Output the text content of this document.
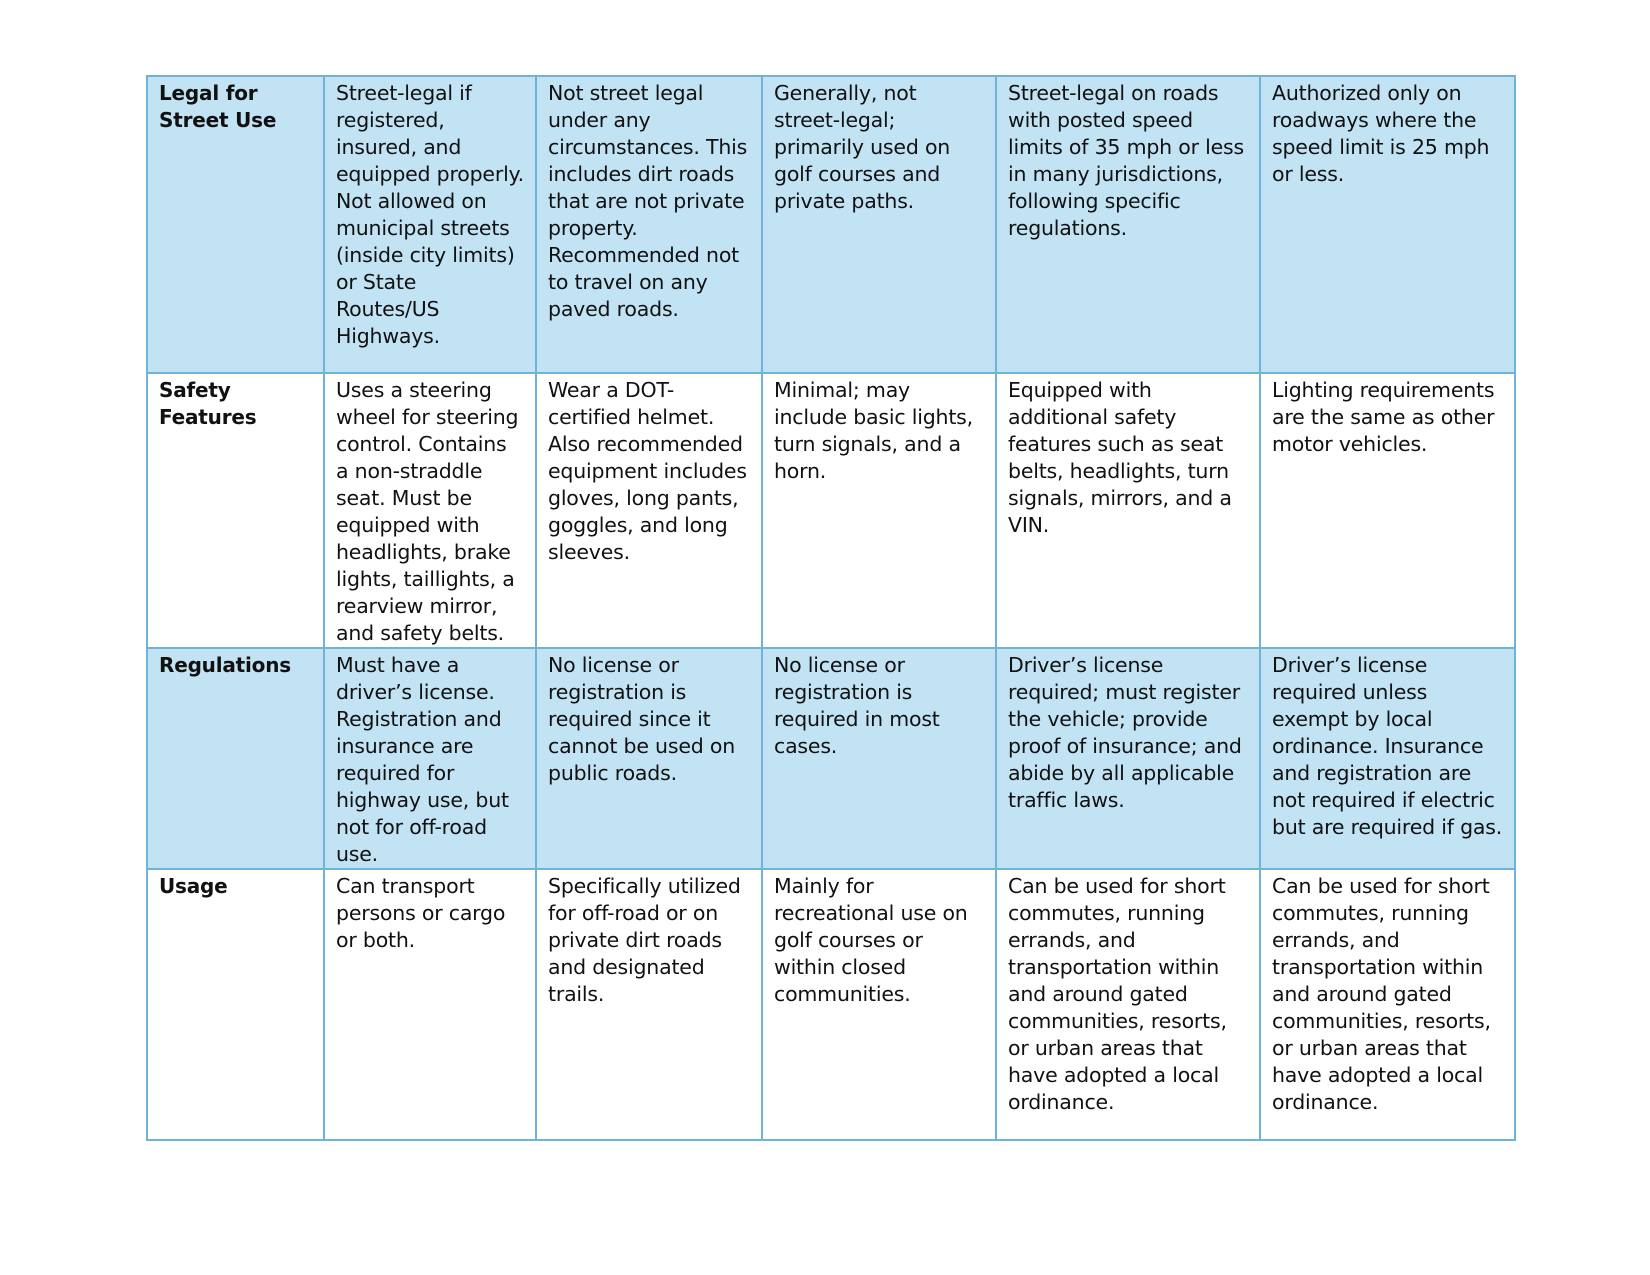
Legal for Street Use	Street-legal if registered, insured, and equipped properly. Not allowed on municipal streets (inside city limits) or State Routes/US Highways.	Not street legal under any circumstances. This includes dirt roads that are not private property. Recommended not to travel on any paved roads.	Generally, not street-legal; primarily used on golf courses and private paths.	Street-legal on roads with posted speed limits of 35 mph or less in many jurisdictions, following specific regulations.	Authorized only on roadways where the speed limit is 25 mph or less.
Safety Features	Uses a steering wheel for steering control. Contains a non-straddle seat. Must be equipped with headlights, brake lights, taillights, a rearview mirror, and safety belts.	Wear a DOT-certified helmet. Also recommended equipment includes gloves, long pants, goggles, and long sleeves.	Minimal; may include basic lights, turn signals, and a horn.	Equipped with additional safety features such as seat belts, headlights, turn signals, mirrors, and a VIN.	Lighting requirements are the same as other motor vehicles.
Regulations	Must have a driver’s license. Registration and insurance are required for highway use, but not for off-road use.	No license or registration is required since it cannot be used on public roads.	No license or registration is required in most cases.	Driver’s license required; must register the vehicle; provide proof of insurance; and abide by all applicable traffic laws.	Driver’s license required unless exempt by local ordinance. Insurance and registration are not required if electric but are required if gas.
Usage	Can transport persons or cargo or both.	Specifically utilized for off-road or on private dirt roads and designated trails.	Mainly for recreational use on golf courses or within closed communities.	Can be used for short commutes, running errands, and transportation within and around gated communities, resorts, or urban areas that have adopted a local ordinance.	Can be used for short commutes, running errands, and transportation within and around gated communities, resorts, or urban areas that have adopted a local ordinance.
